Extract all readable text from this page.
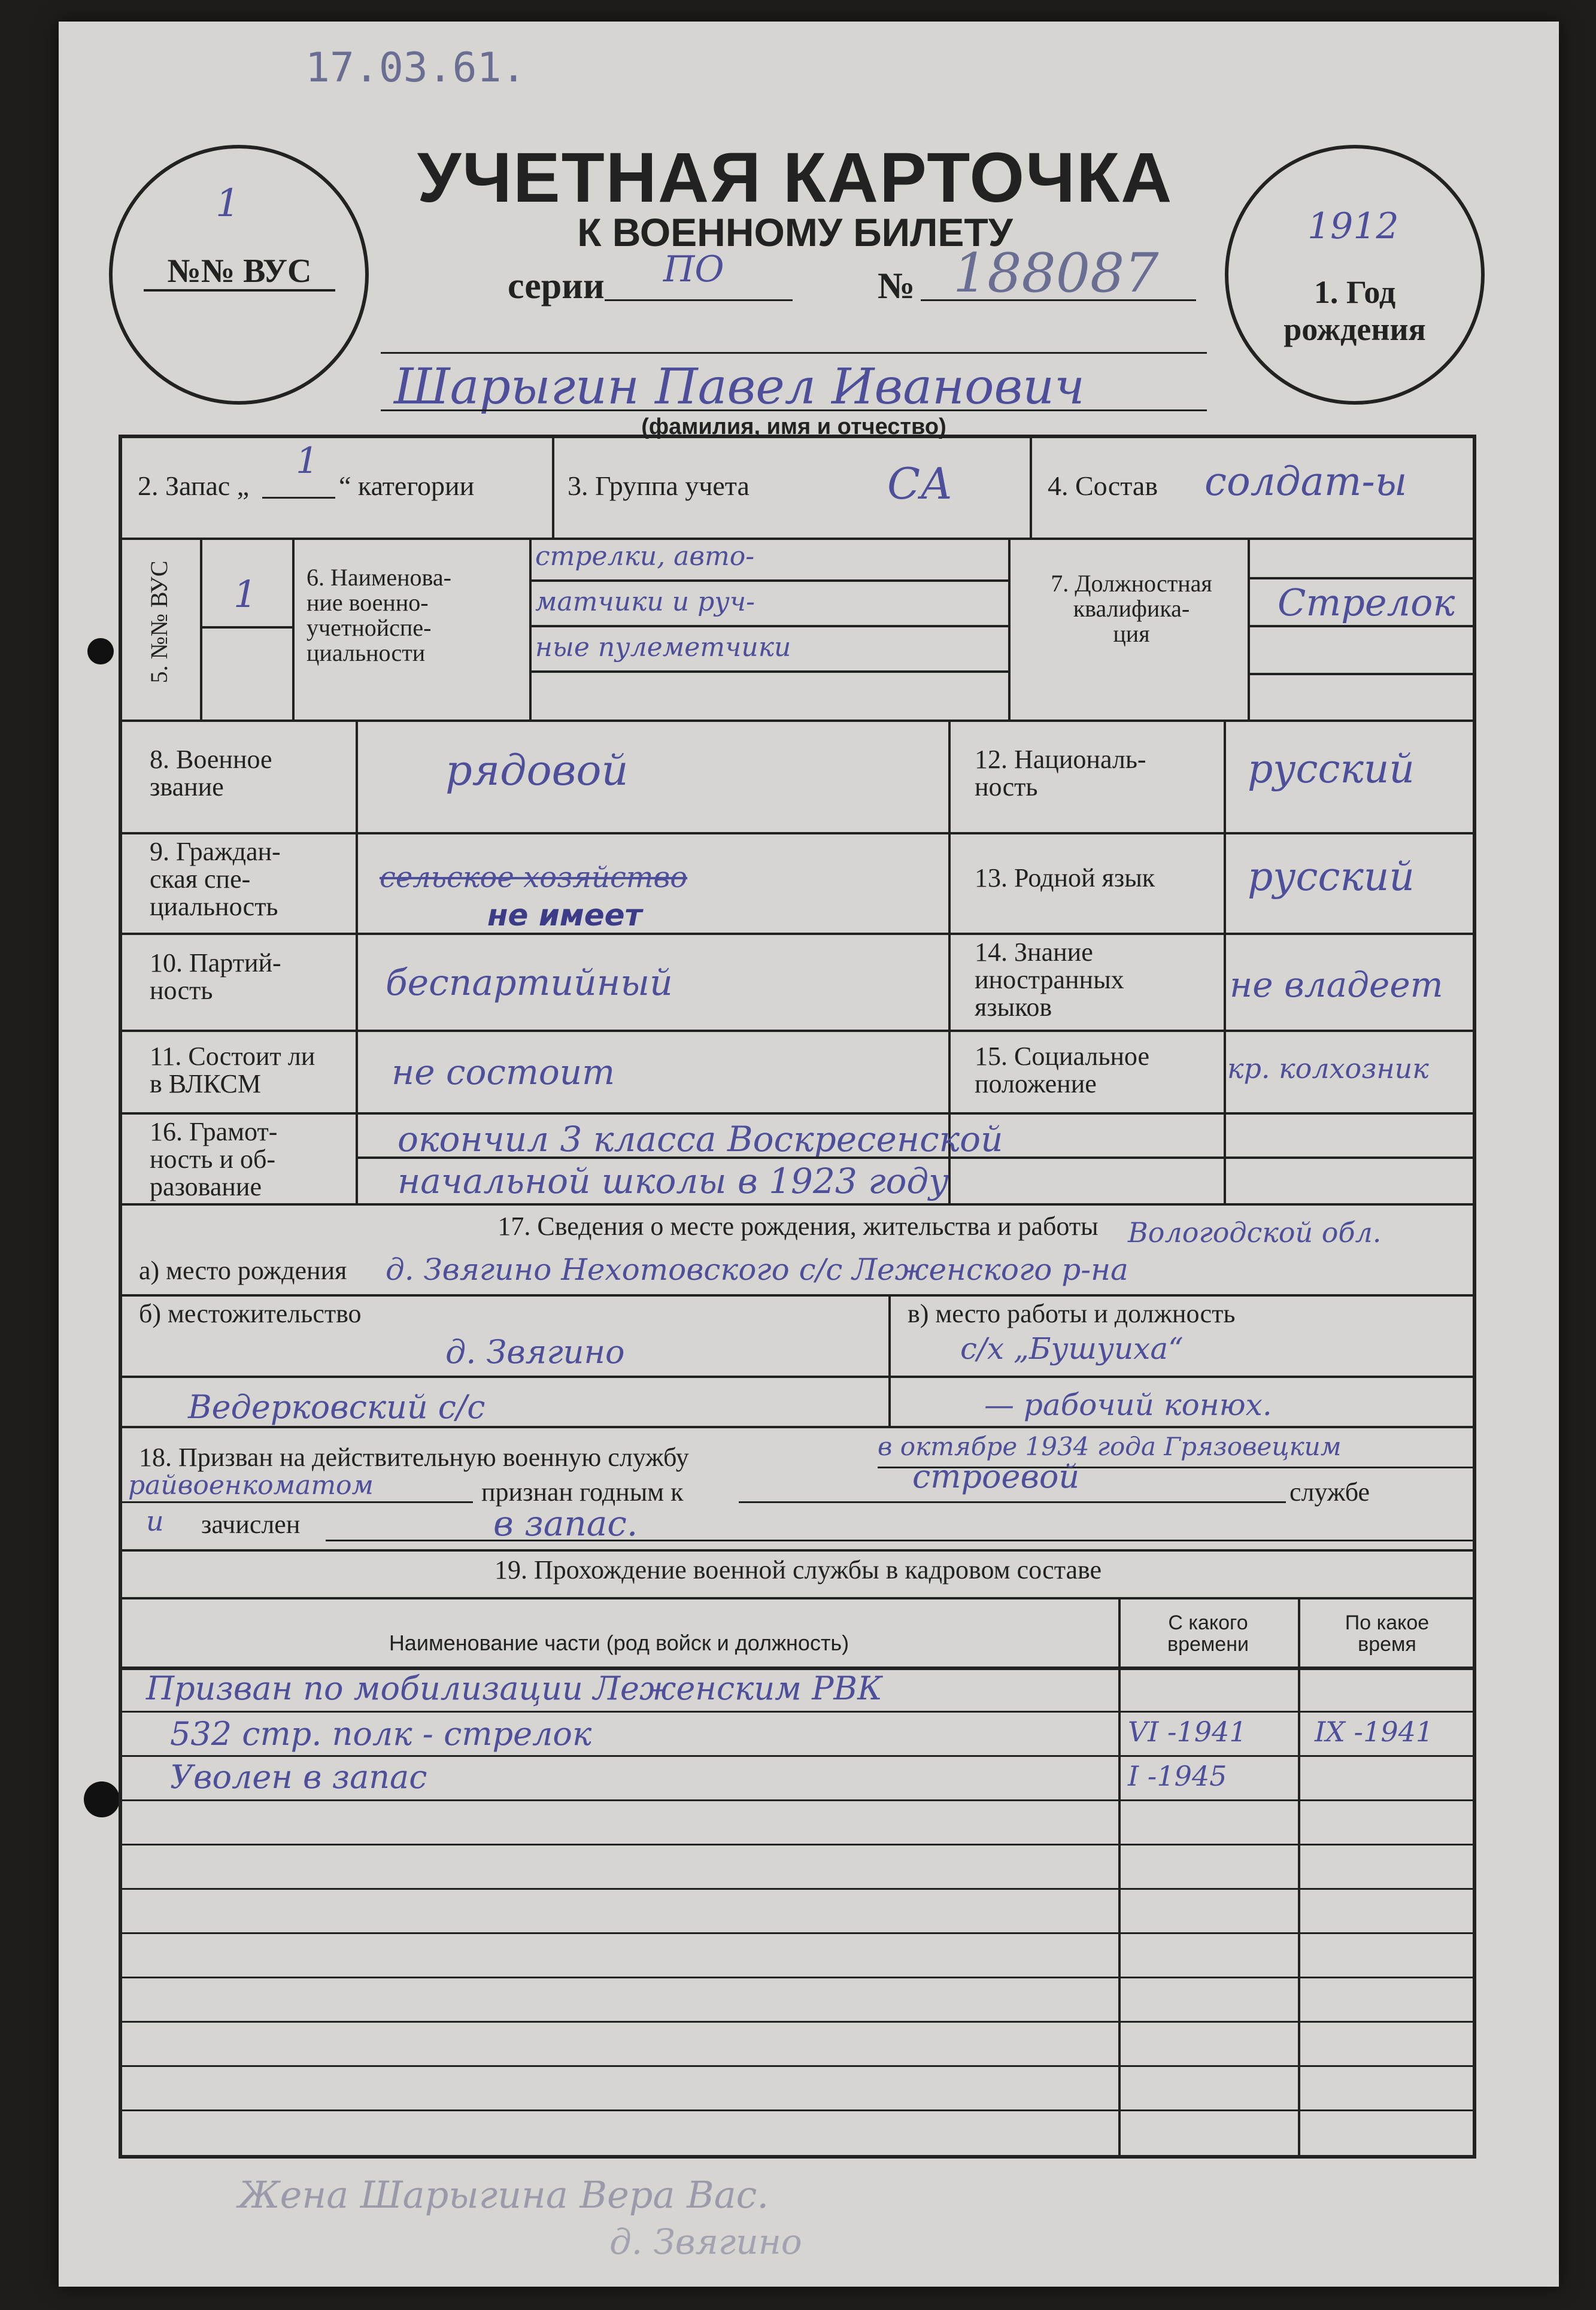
17.03.61.
1
№№ ВУС
1912
1. Год
рождения
УЧЕТНАЯ КАРТОЧКА
К ВОЕННОМУ БИЛЕТУ
серии ПО	№ 188087
Шарыгин Павел Иванович
(фамилия, имя и отчество)
2. Запас „
1
“ категории	3. Группа учета	СА	4. Состав солдат-ы
5. №№ ВУС 1 6. Наименова-
ние военно-
учетнойспе-
циальности
стрелки, авто-
матчики и руч-
ные пулеметчики
7. Должностная
квалифика-
ция
Стрелок
8. Военное
звание	рядовой	12. Националь-
ность	русский
9. Граждан-
ская спе-
циальность
сельское хозяйство
не имеет
13. Родной язык русский
10. Партий-
ность	беспартийный
14. Знание
иностранных
языков
не владеет
11. Состоит ли
в ВЛКСМ	не состоит	15. Социальное
положение	кр. колхозник
16. Грамот-
ность и об-
разование
окончил 3 класса Воскресенской
начальной школы в 1923 году
17. Сведения о месте рождения, жительства и работы
а) место рождения
Вологодской обл.
д. Звягино Нехотовского с/с Леженского р-на
б) местожительство
д. Звягино
Ведерковский с/с
в) место работы и должность
с/х „Бушуиха“
— рабочий конюх.
18. Призван на действительную военную службу	в октябре 1934 года Грязовецким
райвоенкоматом	признан годным к	строевой	службе
и зачислен	в запас.
19. Прохождение военной службы в кадровом составе
Наименование части (род войск и должность)
С какого
времени
По какое
время
Призван по мобилизации Леженским РВК
532 стр. полк - стрелок	VI -1941 IX -1941
Уволен в запас	I -1945
Жена Шарыгина Вера Вас.
д. Звягино
